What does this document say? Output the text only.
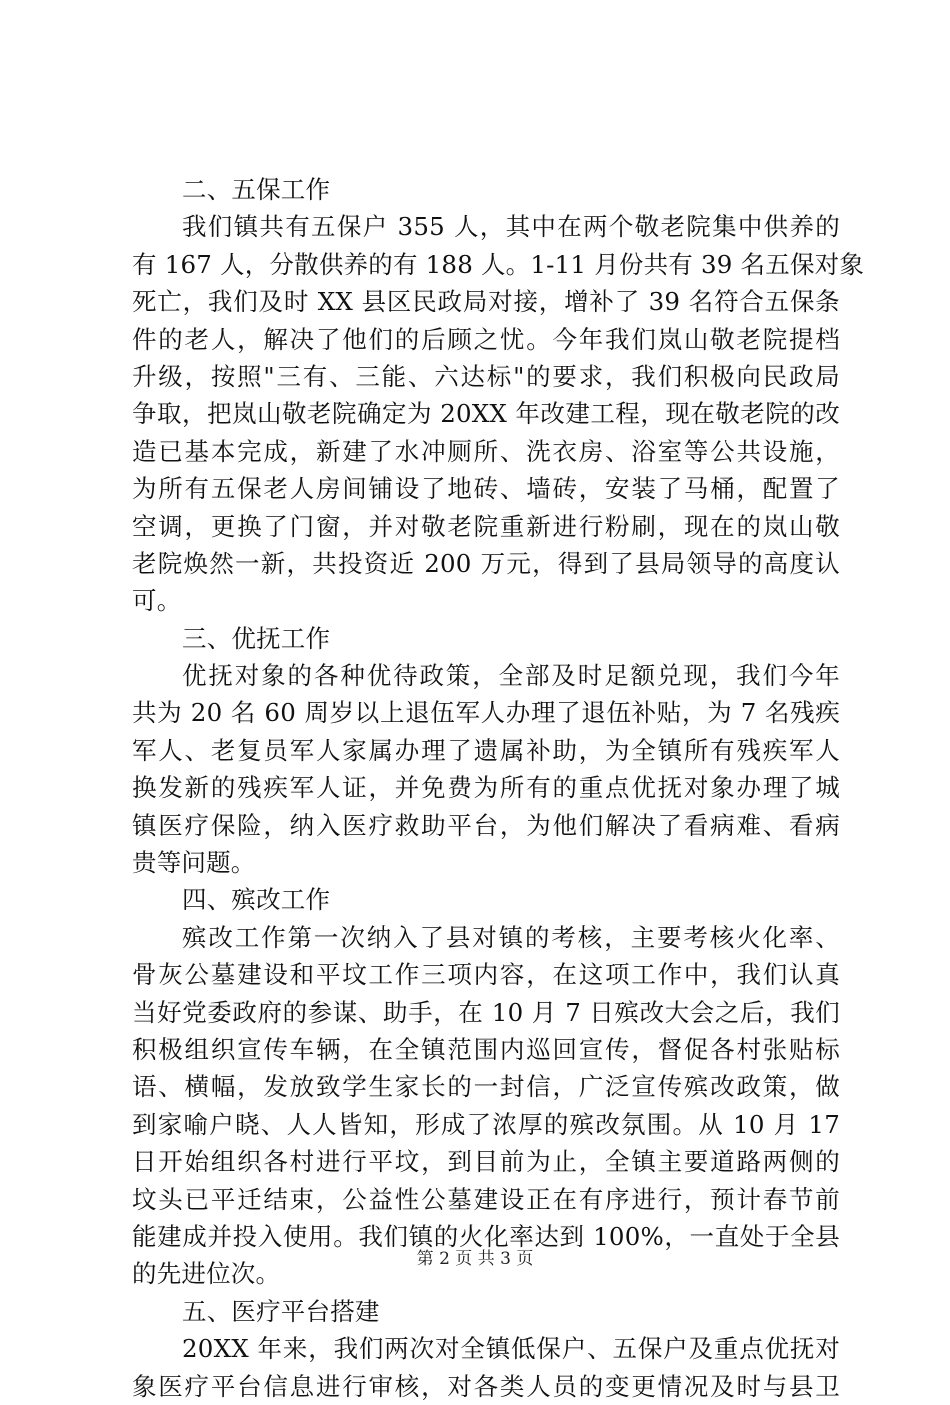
二、五保工作
我们镇共有五保户 355 人，其中在两个敬老院集中供养的
有 167 人，分散供养的有 188 人。1-11 月份共有 39 名五保对象
死亡，我们及时 XX 县区民政局对接，增补了 39 名符合五保条
件的老人，解决了他们的后顾之忧。今年我们岚山敬老院提档
升级，按照"三有、三能、六达标"的要求，我们积极向民政局
争取，把岚山敬老院确定为 20XX 年改建工程，现在敬老院的改
造已基本完成，新建了水冲厕所、洗衣房、浴室等公共设施，
为所有五保老人房间铺设了地砖、墙砖，安装了马桶，配置了
空调，更换了门窗，并对敬老院重新进行粉刷，现在的岚山敬
老院焕然一新，共投资近 200 万元，得到了县局领导的高度认
可。
三、优抚工作
优抚对象的各种优待政策，全部及时足额兑现，我们今年
共为 20 名 60 周岁以上退伍军人办理了退伍补贴，为 7 名残疾
军人、老复员军人家属办理了遗属补助，为全镇所有残疾军人
换发新的残疾军人证，并免费为所有的重点优抚对象办理了城
镇医疗保险，纳入医疗救助平台，为他们解决了看病难、看病
贵等问题。
四、殡改工作
殡改工作第一次纳入了县对镇的考核，主要考核火化率、
骨灰公墓建设和平坟工作三项内容，在这项工作中，我们认真
当好党委政府的参谋、助手，在 10 月 7 日殡改大会之后，我们
积极组织宣传车辆，在全镇范围内巡回宣传，督促各村张贴标
语、横幅，发放致学生家长的一封信，广泛宣传殡改政策，做
到家喻户晓、人人皆知，形成了浓厚的殡改氛围。从 10 月 17
日开始组织各村进行平坟，到目前为止，全镇主要道路两侧的
坟头已平迁结束，公益性公墓建设正在有序进行，预计春节前
能建成并投入使用。我们镇的火化率达到 100%，一直处于全县
的先进位次。
五、医疗平台搭建
20XX 年来，我们两次对全镇低保户、五保户及重点优抚对
象医疗平台信息进行审核，对各类人员的变更情况及时与县卫
第 2 页 共 3 页
